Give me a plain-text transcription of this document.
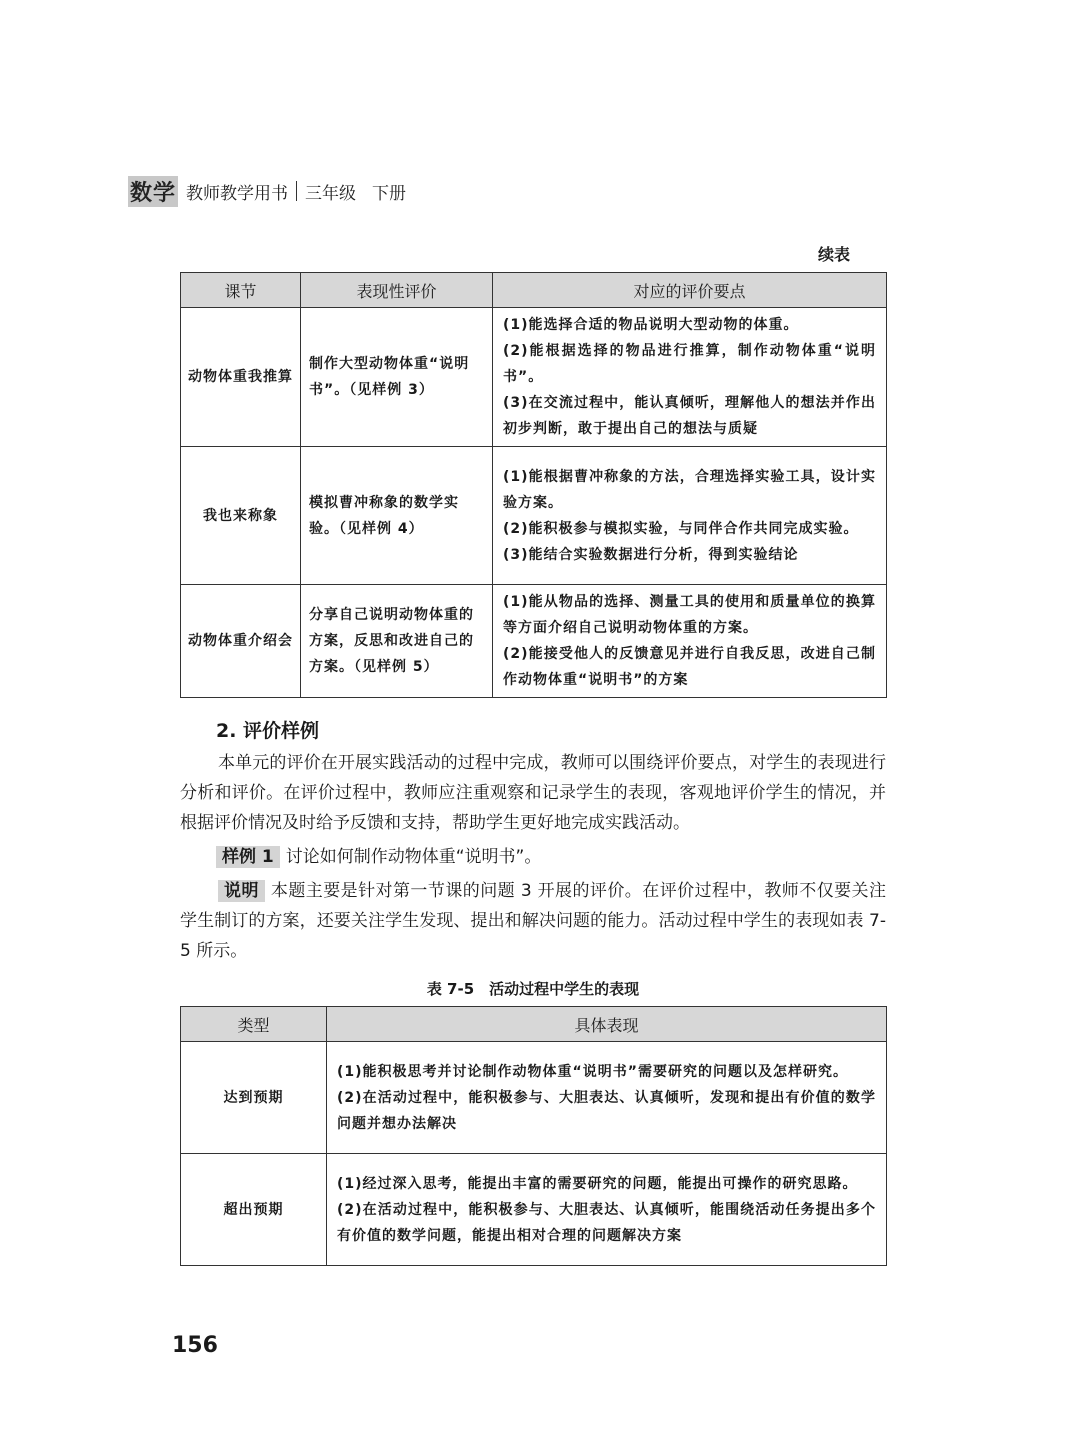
数学 教师教学用书 三年级 下册
续表
课节	表现性评价	对应的评价要点
动物体重我推算	制作大型动物体重“说明书”。（见样例 3）	(1)能选择合适的物品说明大型动物的体重。
(2)能根据选择的物品进行推算，制作动物体重“说明书”。
(3)在交流过程中，能认真倾听，理解他人的想法并作出初步判断，敢于提出自己的想法与质疑

我也来称象	模拟曹冲称象的数学实验。（见样例 4）	(1)能根据曹冲称象的方法，合理选择实验工具，设计实验方案。
(2)能积极参与模拟实验，与同伴合作共同完成实验。
(3)能结合实验数据进行分析，得到实验结论

动物体重介绍会	分享自己说明动物体重的方案，反思和改进自己的方案。（见样例 5）	(1)能从物品的选择、测量工具的使用和质量单位的换算等方面介绍自己说明动物体重的方案。
(2)能接受他人的反馈意见并进行自我反思，改进自己制作动物体重“说明书”的方案
2. 评价样例
本单元的评价在开展实践活动的过程中完成，教师可以围绕评价要点，对学生的表现进行分析和评价。在评价过程中，教师应注重观察和记录学生的表现，客观地评价学生的情况，并根据评价情况及时给予反馈和支持，帮助学生更好地完成实践活动。
样例 1 讨论如何制作动物体重“说明书”。
说明 本题主要是针对第一节课的问题 3 开展的评价。在评价过程中，教师不仅要关注学生制订的方案，还要关注学生发现、提出和解决问题的能力。活动过程中学生的表现如表 7-5 所示。
表 7-5　活动过程中学生的表现
类型	具体表现
达到预期	(1)能积极思考并讨论制作动物体重“说明书”需要研究的问题以及怎样研究。
(2)在活动过程中，能积极参与、大胆表达、认真倾听，发现和提出有价值的数学问题并想办法解决

超出预期	(1)经过深入思考，能提出丰富的需要研究的问题，能提出可操作的研究思路。
(2)在活动过程中，能积极参与、大胆表达、认真倾听，能围绕活动任务提出多个有价值的数学问题，能提出相对合理的问题解决方案
156
